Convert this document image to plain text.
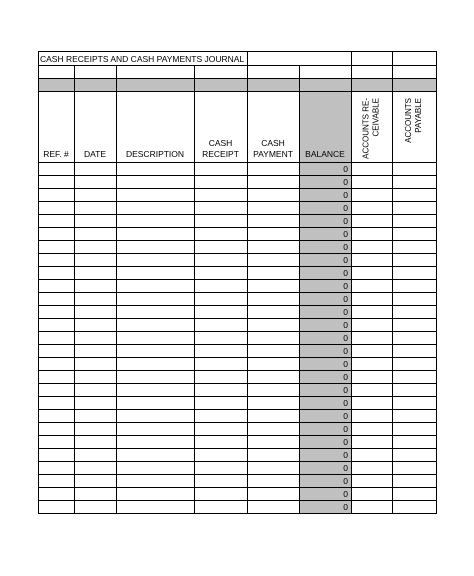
CASH RECEIPTS AND CASH PAYMENTS JOURNAL
REF. # DATE DESCRIPTION
CASH
RECEIPT
CASH
PAYMENT BALANCE ACCOUNTS RE- CEIVABLE	ACCOUNTS PAYABLE
0
0
0
0
0
0
0
0
0
0
0
0
0
0
0
0
0
0
0
0
0
0
0
0
0
0
0
